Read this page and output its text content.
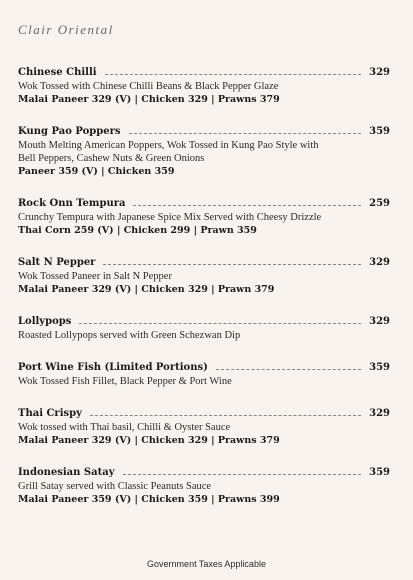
Clair Oriental
Chinese Chilli	329
Wok Tossed with Chinese Chilli Beans & Black Pepper Glaze
Malai Paneer 329 (V) | Chicken 329 | Prawns 379
Kung Pao Poppers	359
Mouth Melting American Poppers, Wok Tossed in Kung Pao Style with
Bell Peppers, Cashew Nuts & Green Onions
Paneer 359 (V) | Chicken 359
Rock Onn Tempura	259
Crunchy Tempura with Japanese Spice Mix Served with Cheesy Drizzle
Thai Corn 259 (V) | Chicken 299 | Prawn 359
Salt N Pepper	329
Wok Tossed Paneer in Salt N Pepper
Malai Paneer 329 (V) | Chicken 329 | Prawn 379
Lollypops	329
Roasted Lollypops served with Green Schezwan Dip
Port Wine Fish (Limited Portions)	359
Wok Tossed Fish Fillet, Black Pepper & Port Wine
Thai Crispy	329
Wok tossed with Thai basil, Chilli & Oyster Sauce
Malai Paneer 329 (V) | Chicken 329 | Prawns 379
Indonesian Satay	359
Grill Satay served with Classic Peanuts Sauce
Malai Paneer 359 (V) | Chicken 359 | Prawns 399
Government Taxes Applicable
